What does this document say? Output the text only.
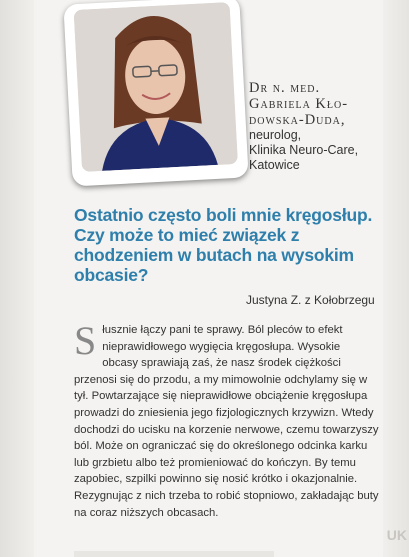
Dr n. med.
Gabriela Kło-
dowska-Duda,
neurolog,
Klinika Neuro-Care,
Katowice
Ostatnio często boli mnie kręgosłup. Czy może to mieć związek z chodzeniem w butach na wysokim obcasie?
Justyna Z. z Kołobrzegu
S łusznie łączy pani te sprawy. Ból pleców to efekt nieprawidłowego wygięcia kręgosłupa. Wysokie obcasy sprawiają zaś, że nasz środek ciężkości przenosi się do przodu, a my mimowolnie odchylamy się w tył. Powtarzające się nieprawidłowe obciążenie kręgosłupa prowadzi do zniesienia jego fizjologicznych krzywizn. Wtedy dochodzi do ucisku na korzenie nerwowe, czemu towarzyszy ból. Może on ograniczać się do określonego odcinka karku lub grzbietu albo też promieniować do kończyn. By temu zapobiec, szpilki powinno się nosić krótko i okazjonalnie. Rezygnując z nich trzeba to robić stopniowo, zakładając buty na coraz niższych obcasach.
UK
